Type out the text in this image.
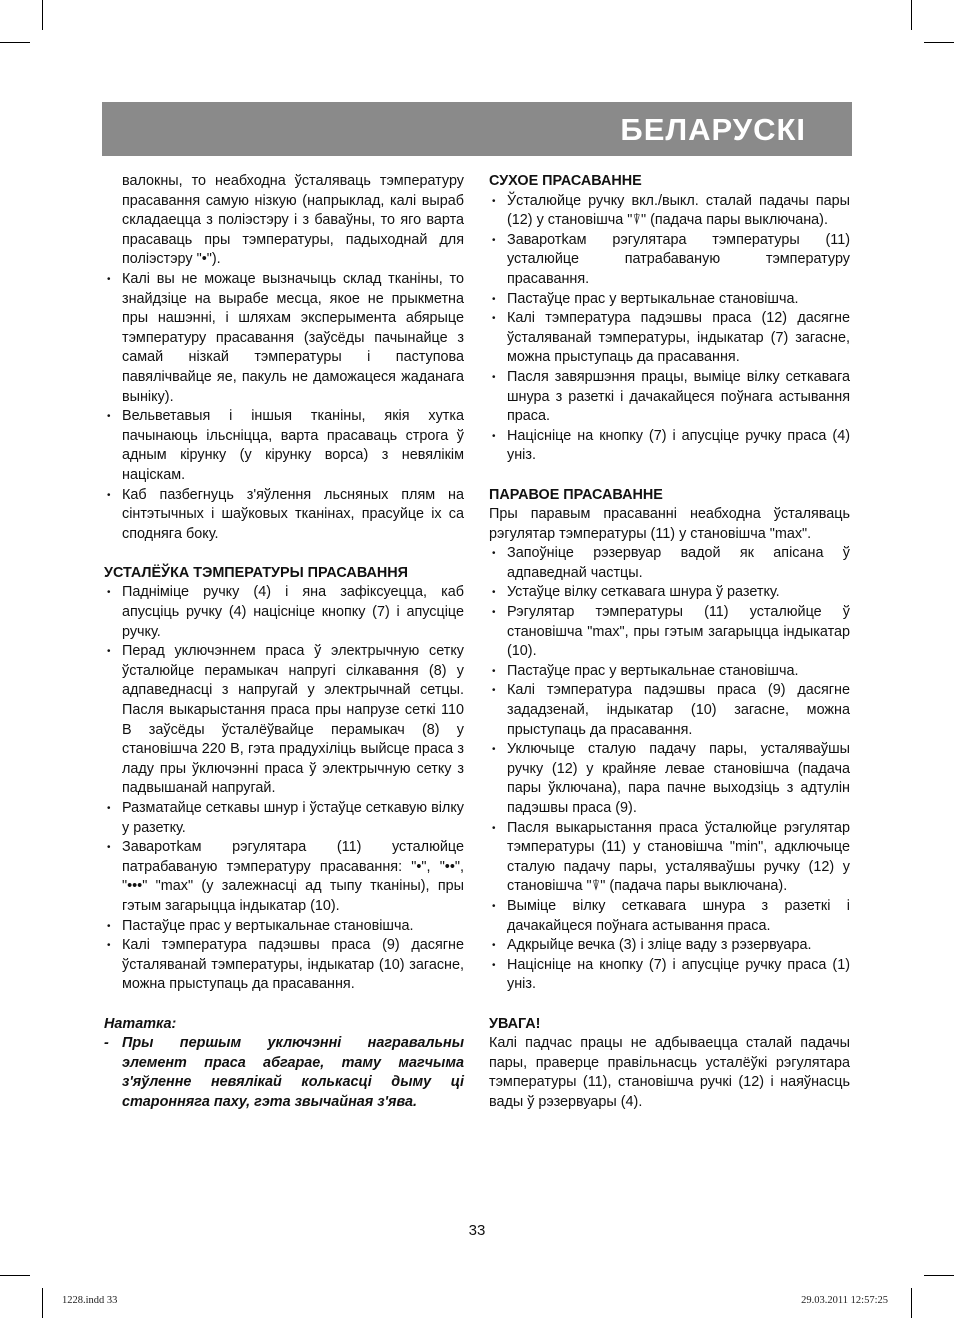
БЕЛАРУСКІ

валокны, то неабходна ўсталяваць тэмпературу прасавання самую нізкую (напрыклад, калі выраб складаецца з поліэстэру і з баваўны, то яго варта прасаваць пры тэмпературы, падыходнай для поліэстэру "•").

• Калі вы не можаце вызначыць склад тканіны, то знайдзіце на вырабе месца, якое не прыкметна пры нашэнні, і шляхам эксперымента абярыце тэмпературу прасавання (заўсёды пачынайце з самай нізкай тэмпературы і паступова павялічвайце яе, пакуль не даможацеся жаданага выніку).
• Вельветавыя і іншыя тканіны, якія хутка пачынаюць ільсніцца, варта прасаваць строга ў адным кірунку (у кірунку ворса) з невялікім націскам.
• Каб пазбегнуць з'яўлення льсняных плям на сінтэтычных і шаўковых тканінах, прасуйце іх са споднягa боку.
УСТАЛЁЎКА ТЭМПЕРАТУРЫ ПРАСАВАННЯ
• Падніміце ручку (4) і яна зафіксуецца, каб апусціць ручку (4) націсніце кнопку (7) і апусціце ручку.
• Перад уключэннем праса ў электрычную сетку ўсталюйце перамыкач напругі сілкавання (8) у адпаведнасці з напругай у электрычнай сетцы. Пасля выкарыстання праса пры напрузе сеткі 110 В заўсёды ўсталёўвайце перамыкач (8) у становішча 220 В, гэта прадухіліць выйсце праса з ладу пры ўключэнні праса ў электрычную сетку з падвышанай напругай.
• Разматайце сеткавы шнур і ўстаўце сеткавую вілку у разетку.
• Заваротkам рэгулятара (11) усталюйце патрабаваную тэмпературу прасавання: "•", "••", "•••" "max" (у залежнасці ад тыпу тканіны), пры гэтым загарыцца індыкатар (10).
• Пастаўце прас у вертыкальнае становішча.
• Калі тэмпература падэшвы праса (9) дасягне ўсталяванай тэмпературы, індыкатар (10) загасне, можна прыступаць да прасавання.

Нататка:

- Пры першым уключэнні награвальны элемент праса абгарае, таму магчыма з'яўленне невялікай колькасці дыму ці староннягa паху, гэта звычайная з'ява.

СУХОЕ ПРАСАВАННЕ
• Ўсталюйце ручку вкл./выкл. сталай падачы пары (12) у становішча "⍒" (падача пары выключана).
• Заваротkам рэгулятара тэмпературы (11) усталюйце патрабаваную тэмпературу прасавання.
• Пастаўце прас у вертыкальнае становішча.
• Калі тэмпература падэшвы праса (12) дасягне ўсталяванай тэмпературы, індыкатар (7) загасне, можна прыступаць да прасавання.
• Пасля завяршэння працы, выміце вілку сеткавага шнура з разеткі і дачакайцеся поўнага астывання праса.
• Націсніце на кнопку (7) і апусціце ручку праса (4) уніз.
ПАРАВОЕ ПРАСАВАННЕ

Пры паравым прасаванні неабходна ўсталяваць рэгулятар тэмпературы (11) у становішча "max".

• Запоўніце рэзервуар вадой як апісана ў адпаведнай частцы.
• Устаўце вілку сеткавага шнура ў разетку.
• Рэгулятар тэмпературы (11) усталюйце ў становішча "max", пры гэтым загарыцца індыкатар (10).
• Пастаўце прас у вертыкальнае становішча.
• Калі тэмпература падэшвы праса (9) дасягне зададзенай, індыкатар (10) загасне, можна прыступаць да прасавання.
• Уключыце сталую падачу пары, усталяваўшы ручку (12) у крайняе левае становішча (падача пары ўключана), пара пачне выходзіць з адтулін падэшвы праса (9).
• Пасля выкарыстання праса ўсталюйце рэгулятар тэмпературы (11) у становішча "min", адключыце сталую падачу пары, усталяваўшы ручку (12) у становішча "⍒" (падача пары выключана).
• Выміце вілку сеткавага шнура з разеткі і дачакайцеся поўнага астывання праса.
• Адкрыйце вечка (3) і зліце ваду з рэзервуара.
• Націсніце на кнопку (7) і апусціце ручку праса (1) уніз.
УВАГА!

Калі падчас працы не адбываецца сталай падачы пары, праверце правільнасць усталёўкі рэгулятара тэмпературы (11), становішча ручкі (12) і наяўнасць вады ў рэзервуары (4).

33
1228.indd 33	29.03.2011 12:57:25
